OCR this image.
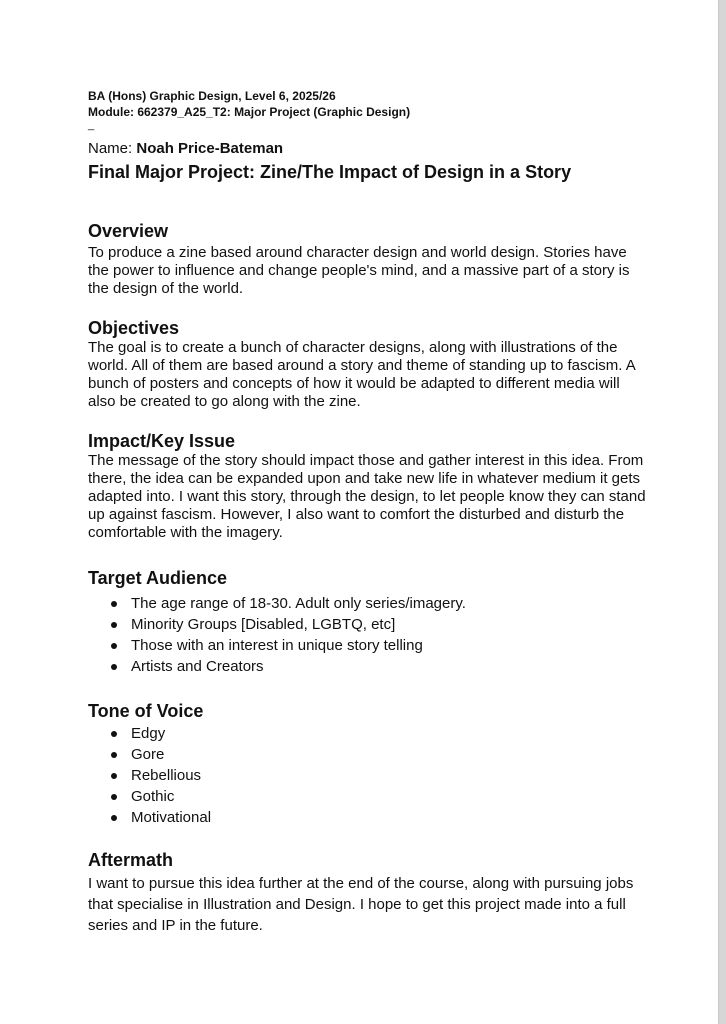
BA (Hons) Graphic Design, Level 6, 2025/26
Module: 662379_A25_T2: Major Project (Graphic Design)
_
Name: Noah Price-Bateman
Final Major Project: Zine/The Impact of Design in a Story
Overview

To produce a zine based around character design and world design. Stories have the power to influence and change people's mind, and a massive part of a story is the design of the world.

Objectives

The goal is to create a bunch of character designs, along with illustrations of the world. All of them are based around a story and theme of standing up to fascism. A bunch of posters and concepts of how it would be adapted to different media will also be created to go along with the zine.

Impact/Key Issue

The message of the story should impact those and gather interest in this idea. From there, the idea can be expanded upon and take new life in whatever medium it gets adapted into. I want this story, through the design, to let people know they can stand up against fascism. However, I also want to comfort the disturbed and disturb the comfortable with the imagery.

Target Audience
The age range of 18-30. Adult only series/imagery.
Minority Groups [Disabled, LGBTQ, etc]
Those with an interest in unique story telling
Artists and Creators
Tone of Voice
Edgy
Gore
Rebellious
Gothic
Motivational
Aftermath

I want to pursue this idea further at the end of the course, along with pursuing jobs that specialise in Illustration and Design. I hope to get this project made into a full series and IP in the future.
